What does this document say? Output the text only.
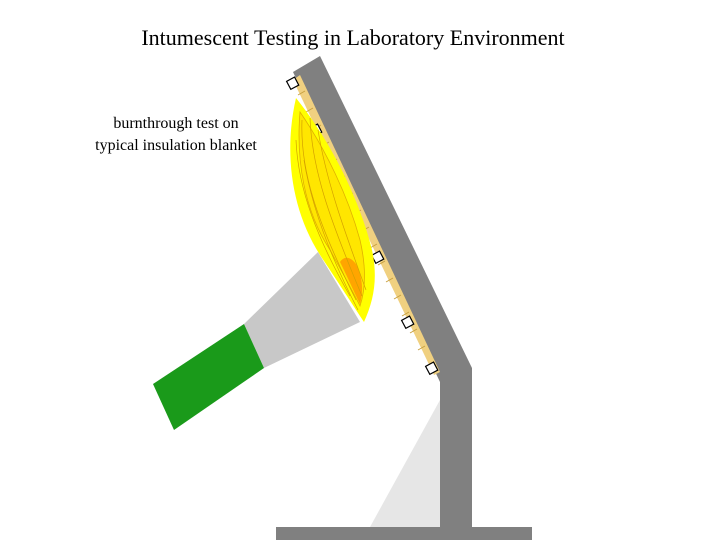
Intumescent Testing in Laboratory Environment
burnthrough test on
typical insulation blanket
